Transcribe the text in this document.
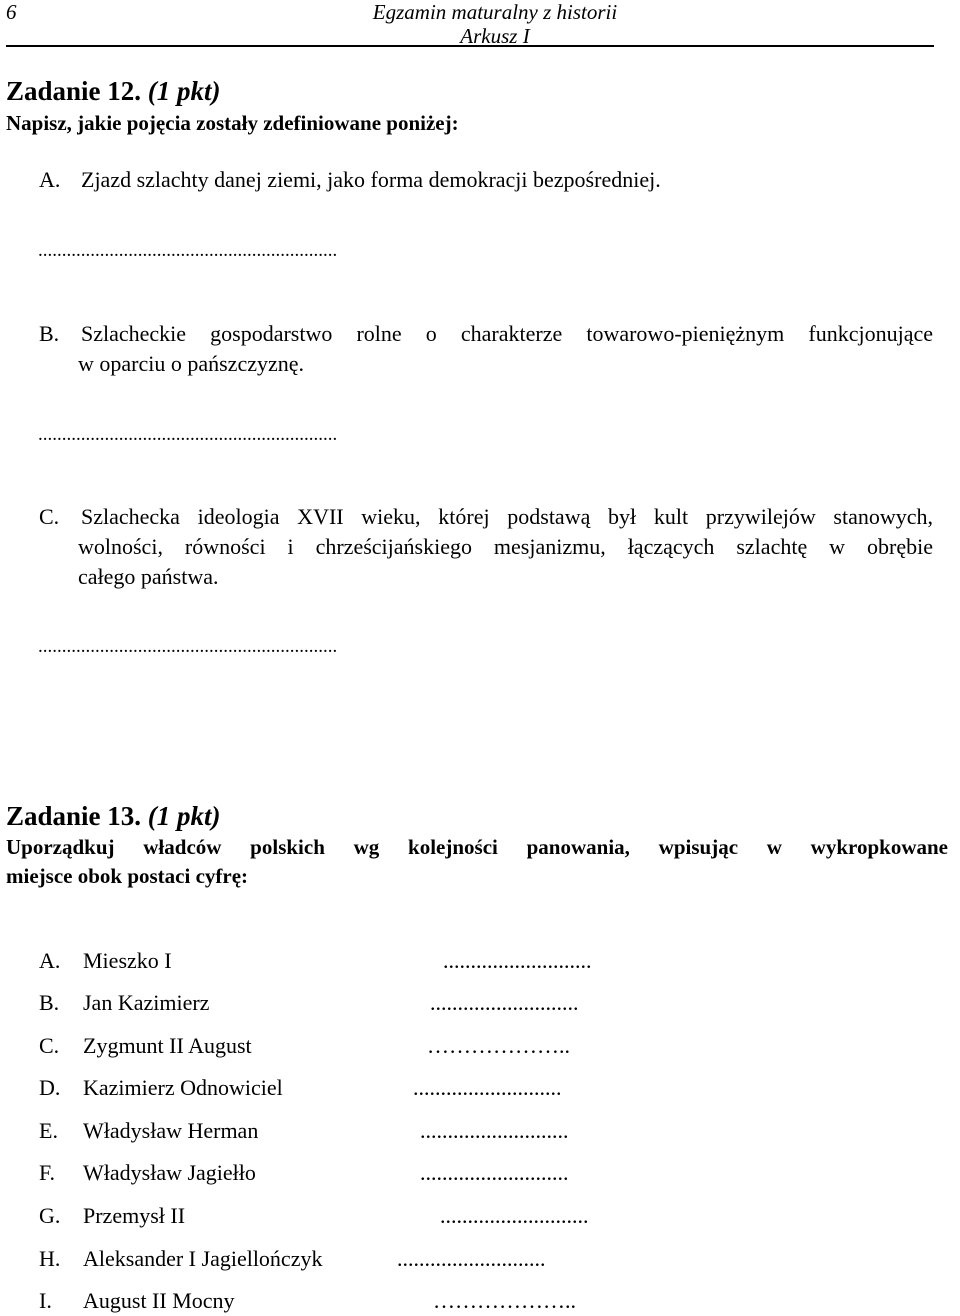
6	Egzamin maturalny z historii
Arkusz I
Zadanie 12. (1 pkt)
Napisz, jakie pojęcia zostały zdefiniowane poniżej:
A. Zjazd szlachty danej ziemi, jako forma demokracji bezpośredniej.
...............................................................
B. Szlacheckie gospodarstwo rolne o charakterze towarowo-pieniężnym funkcjonujące
w oparciu o pańszczyznę.
...............................................................
C. Szlachecka ideologia XVII wieku, której podstawą był kult przywilejów stanowych,
wolności, równości i chrześcijańskiego mesjanizmu, łączących szlachtę w obrębie
całego państwa.
...............................................................
Zadanie 13. (1 pkt)
Uporządkuj władców polskich wg kolejności panowania, wpisując w wykropkowane
miejsce obok postaci cyfrę:
A. Mieszko I	...........................
B. Jan Kazimierz	...........................
C. Zygmunt II August	………………..
D. Kazimierz Odnowiciel	...........................
E. Władysław Herman	...........................
F. Władysław Jagiełło	...........................
G. Przemysł II	...........................
H. Aleksander I Jagiellończyk	...........................
I. August II Mocny	………………..
